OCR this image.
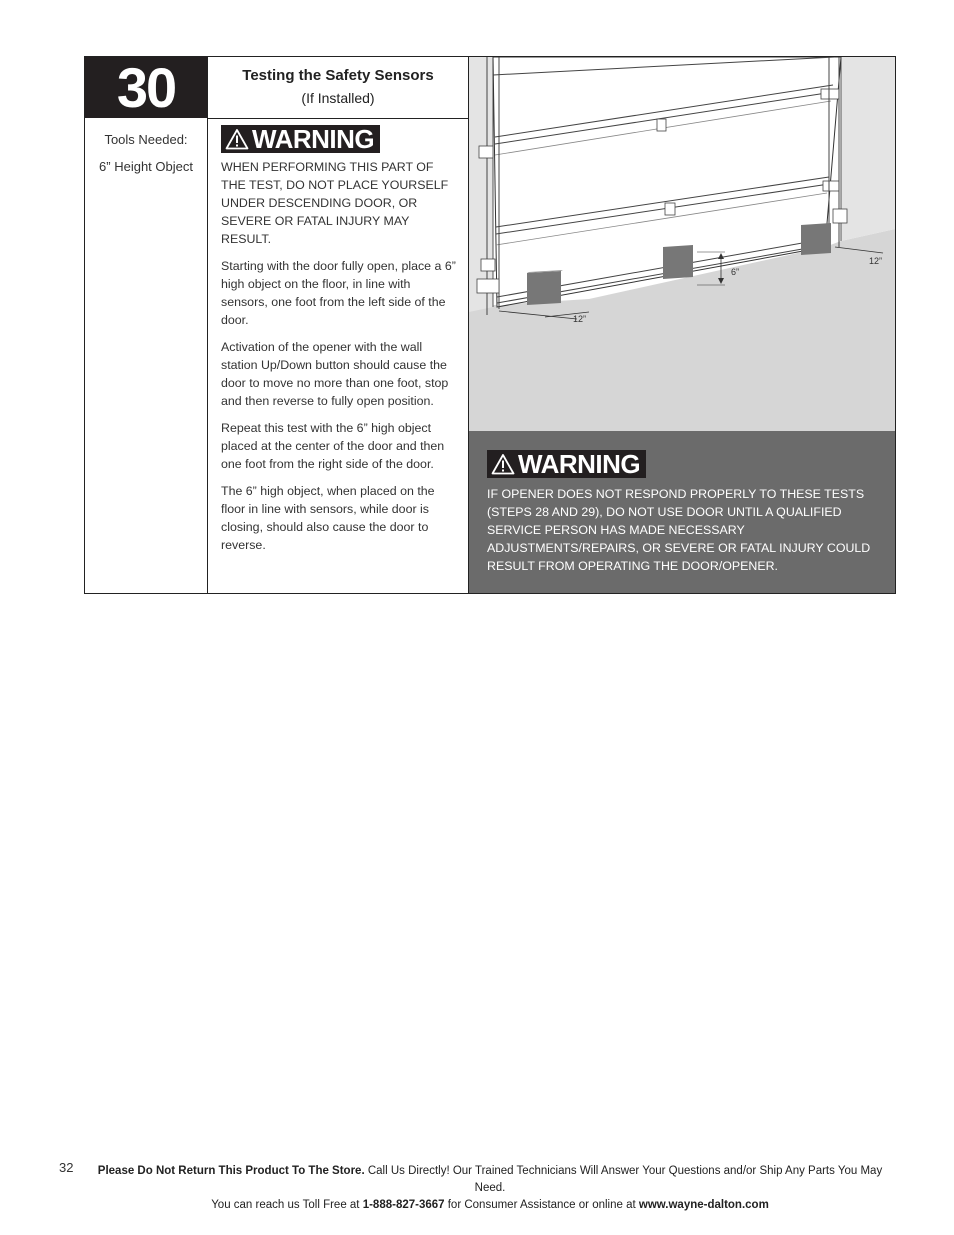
30
Tools Needed:
6” Height Object
Testing the Safety Sensors
(If Installed)
WARNING

WHEN PERFORMING THIS PART OF THE TEST, DO NOT PLACE YOURSELF UNDER DESCENDING DOOR, OR SEVERE OR FATAL INJURY MAY RESULT.

Starting with the door fully open, place a 6” high object on the floor, in line with sensors, one foot from the left side of the door.

Activation of the opener with the wall station Up/Down button should cause the door to move no more than one foot, stop and then reverse to fully open position.

Repeat this test with the 6” high object placed at the center of the door and then one foot from the right side of the door.

The 6” high object, when placed on the floor in line with sensors, while door is closing, should also cause the door to reverse.

12”
6”
12”
WARNING
IF OPENER DOES NOT RESPOND PROPERLY TO THESE TESTS (STEPS 28 AND 29), DO NOT USE DOOR UNTIL A QUALIFIED SERVICE PERSON HAS MADE NECESSARY ADJUSTMENTS/REPAIRS, OR SEVERE OR FATAL INJURY COULD RESULT FROM OPERATING THE DOOR/OPENER.
32	Please Do Not Return This Product To The Store. Call Us Directly! Our Trained Technicians Will Answer Your Questions and/or Ship Any Parts You May Need.
You can reach us Toll Free at 1-888-827-3667 for Consumer Assistance or online at www.wayne-dalton.com
